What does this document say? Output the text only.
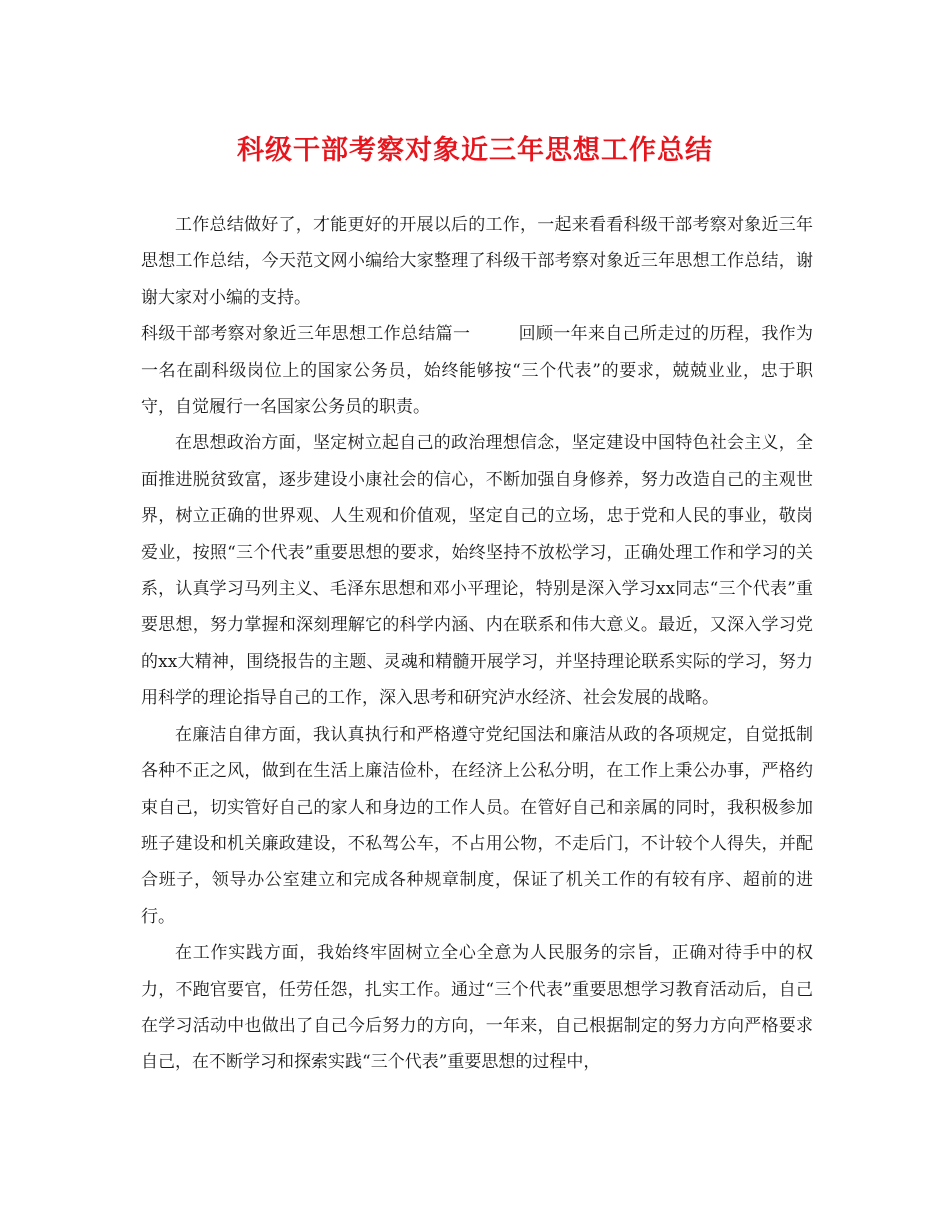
科级干部考察对象近三年思想工作总结

工作总结做好了，才能更好的开展以后的工作，一起来看看科级干部考察对象近三年思想工作总结，今天范文网小编给大家整理了科级干部考察对象近三年思想工作总结，谢谢大家对小编的支持。

科级干部考察对象近三年思想工作总结篇一	回顾一年来自己所走过的历程，我作为一名在副科级岗位上的国家公务员，始终能够按“三个代表”的要求，兢兢业业，忠于职守，自觉履行一名国家公务员的职责。

在思想政治方面，坚定树立起自己的政治理想信念，坚定建设中国特色社会主义，全面推进脱贫致富，逐步建设小康社会的信心，不断加强自身修养，努力改造自己的主观世界，树立正确的世界观、人生观和价值观，坚定自己的立场，忠于党和人民的事业，敬岗爱业，按照“三个代表”重要思想的要求，始终坚持不放松学习，正确处理工作和学习的关系，认真学习马列主义、毛泽东思想和邓小平理论，特别是深入学习xx同志“三个代表”重要思想，努力掌握和深刻理解它的科学内涵、内在联系和伟大意义。最近，又深入学习党的xx大精神，围绕报告的主题、灵魂和精髓开展学习，并坚持理论联系实际的学习，努力用科学的理论指导自己的工作，深入思考和研究泸水经济、社会发展的战略。

在廉洁自律方面，我认真执行和严格遵守党纪国法和廉洁从政的各项规定，自觉抵制各种不正之风，做到在生活上廉洁俭朴，在经济上公私分明，在工作上秉公办事，严格约束自己，切实管好自己的家人和身边的工作人员。在管好自己和亲属的同时，我积极参加班子建设和机关廉政建设，不私驾公车，不占用公物，不走后门，不计较个人得失，并配合班子，领导办公室建立和完成各种规章制度，保证了机关工作的有较有序、超前的进行。

在工作实践方面，我始终牢固树立全心全意为人民服务的宗旨，正确对待手中的权力，不跑官要官，任劳任怨，扎实工作。通过“三个代表”重要思想学习教育活动后，自己在学习活动中也做出了自己今后努力的方向，一年来，自己根据制定的努力方向严格要求自己，在不断学习和探索实践“三个代表”重要思想的过程中，
